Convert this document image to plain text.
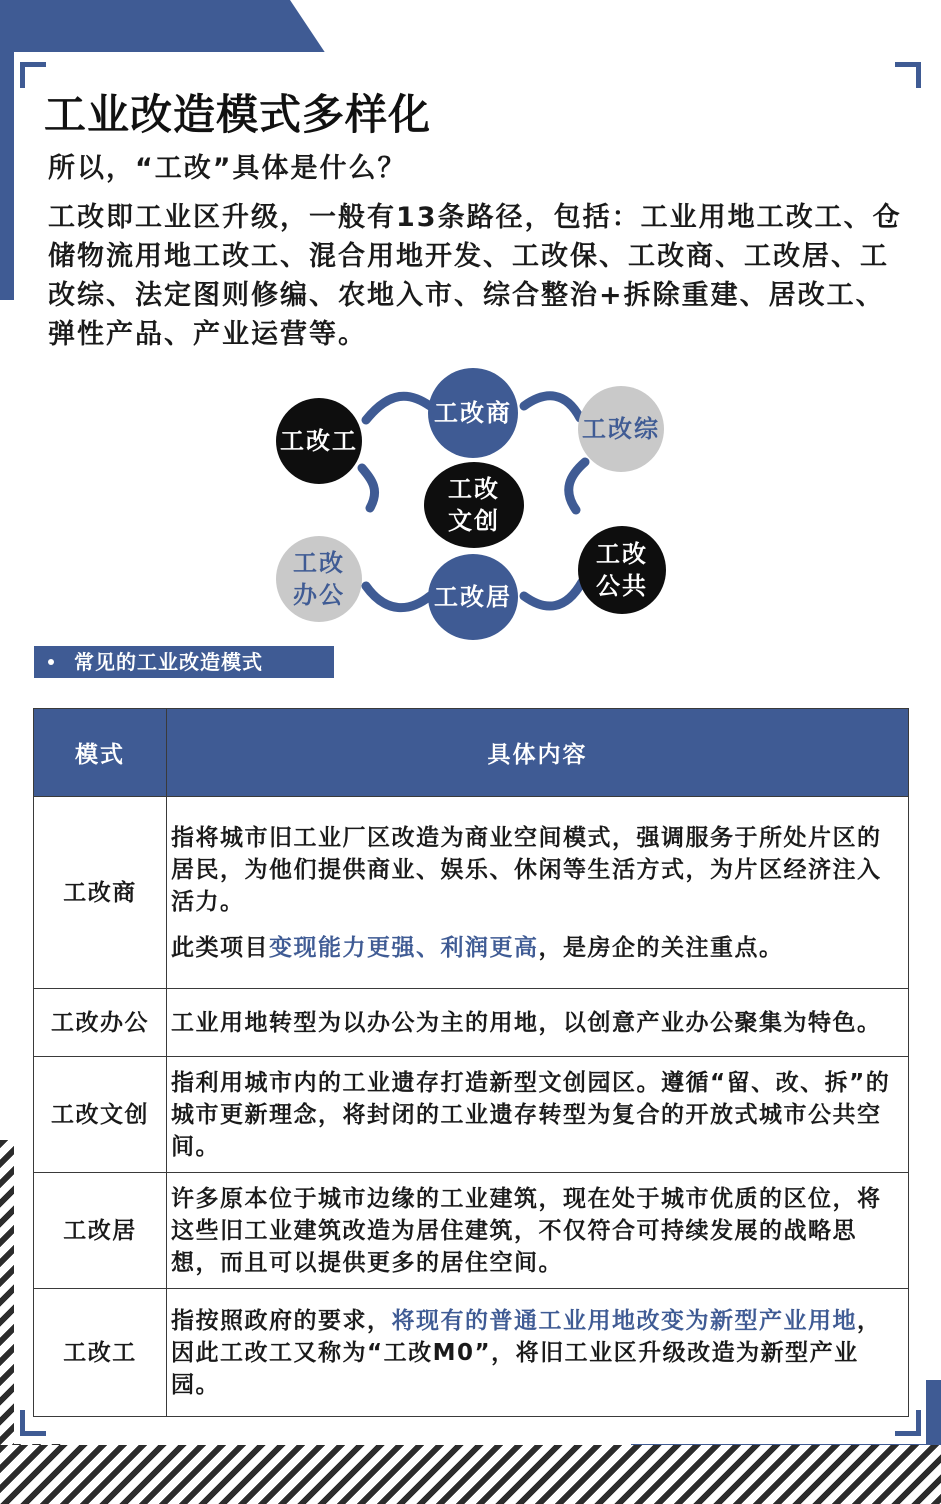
工业改造模式多样化
所以，“工改”具体是什么？
工改即工业区升级，一般有13条路径，包括：工业用地工改工、仓储物流用地工改工、混合用地开发、工改保、工改商、工改居、工改综、法定图则修编、农地入市、综合整治+拆除重建、居改工、弹性产品、产业运营等。
工改工
工改商
工改综
工改文创
工改办公	工改居
工改公共
常见的工业改造模式
模式	具体内容
工改商	指将城市旧工业厂区改造为商业空间模式，强调服务于所处片区的居民，为他们提供商业、娱乐、休闲等生活方式，为片区经济注入活力。

此类项目变现能力更强、利润更高，是房企的关注重点。

工改办公	工业用地转型为以办公为主的用地，以创意产业办公聚集为特色。
工改文创	指利用城市内的工业遗存打造新型文创园区。遵循“留、改、拆”的城市更新理念，将封闭的工业遗存转型为复合的开放式城市公共空间。
工改居	许多原本位于城市边缘的工业建筑，现在处于城市优质的区位，将这些旧工业建筑改造为居住建筑，不仅符合可持续发展的战略思想，而且可以提供更多的居住空间。
工改工	指按照政府的要求，将现有的普通工业用地改变为新型产业用地，因此工改工又称为“工改M0”，将旧工业区升级改造为新型产业园。
